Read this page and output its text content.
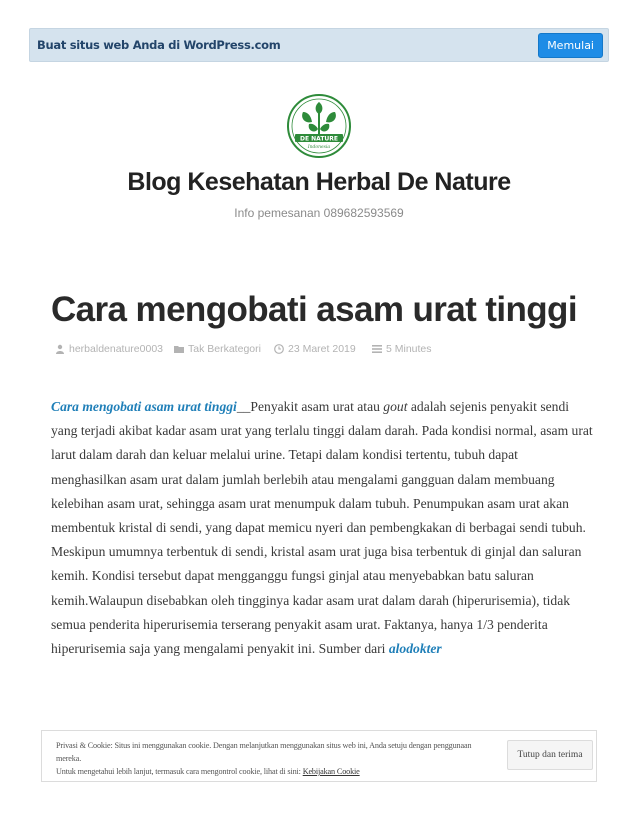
Buat situs web Anda di WordPress.com	Memulai
DE NATURE
Indonesia
Blog Kesehatan Herbal De Nature
Info pemesanan 089682593569
Cara mengobati asam urat tinggi
herbaldenature0003 Tak Berkategori	23 Maret 2019	5 Minutes

Cara mengobati asam urat tinggi__Penyakit asam urat atau gout adalah sejenis penyakit sendi yang terjadi akibat kadar asam urat yang terlalu tinggi dalam darah. Pada kondisi normal, asam urat larut dalam darah dan keluar melalui urine. Tetapi dalam kondisi tertentu, tubuh dapat menghasilkan asam urat dalam jumlah berlebih atau mengalami gangguan dalam membuang kelebihan asam urat, sehingga asam urat menumpuk dalam tubuh. Penumpukan asam urat akan membentuk kristal di sendi, yang dapat memicu nyeri dan pembengkakan di berbagai sendi tubuh. Meskipun umumnya terbentuk di sendi, kristal asam urat juga bisa terbentuk di ginjal dan saluran kemih. Kondisi tersebut dapat mengganggu fungsi ginjal atau menyebabkan batu saluran kemih.Walaupun disebabkan oleh tingginya kadar asam urat dalam darah (hiperurisemia), tidak semua penderita hiperurisemia terserang penyakit asam urat. Faktanya, hanya 1/3 penderita hiperurisemia saja yang mengalami penyakit ini. Sumber dari alodokter

Privasi & Cookie: Situs ini menggunakan cookie. Dengan melanjutkan menggunakan situs web ini, Anda setuju dengan penggunaan mereka.
Untuk mengetahui lebih lanjut, termasuk cara mengontrol cookie, lihat di sini: Kebijakan Cookie
Tutup dan terima
